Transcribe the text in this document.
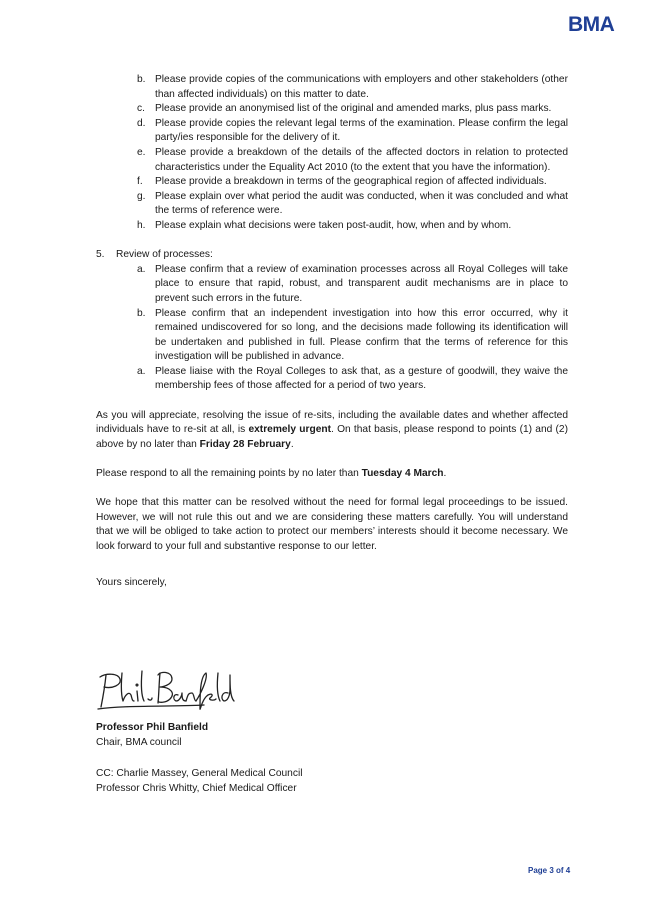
BMA
b. Please provide copies of the communications with employers and other stakeholders (other than affected individuals) on this matter to date.
c. Please provide an anonymised list of the original and amended marks, plus pass marks.
d. Please provide copies the relevant legal terms of the examination. Please confirm the legal party/ies responsible for the delivery of it.
e. Please provide a breakdown of the details of the affected doctors in relation to protected characteristics under the Equality Act 2010 (to the extent that you have the information).
f. Please provide a breakdown in terms of the geographical region of affected individuals.
g. Please explain over what period the audit was conducted, when it was concluded and what the terms of reference were.
h. Please explain what decisions were taken post-audit, how, when and by whom.
5. Review of processes:
a. Please confirm that a review of examination processes across all Royal Colleges will take place to ensure that rapid, robust, and transparent audit mechanisms are in place to prevent such errors in the future.
b. Please confirm that an independent investigation into how this error occurred, why it remained undiscovered for so long, and the decisions made following its identification will be undertaken and published in full. Please confirm that the terms of reference for this investigation will be published in advance.
a. Please liaise with the Royal Colleges to ask that, as a gesture of goodwill, they waive the membership fees of those affected for a period of two years.

As you will appreciate, resolving the issue of re-sits, including the available dates and whether affected individuals have to re-sit at all, is extremely urgent. On that basis, please respond to points (1) and (2) above by no later than Friday 28 February.

Please respond to all the remaining points by no later than Tuesday 4 March.

We hope that this matter can be resolved without the need for formal legal proceedings to be issued. However, we will not rule this out and we are considering these matters carefully. You will understand that we will be obliged to take action to protect our members’ interests should it become necessary. We look forward to your full and substantive response to our letter.

Yours sincerely,

Professor Phil Banfield
Chair, BMA council
CC: Charlie Massey, General Medical Council
Professor Chris Whitty, Chief Medical Officer
Page 3 of 4
